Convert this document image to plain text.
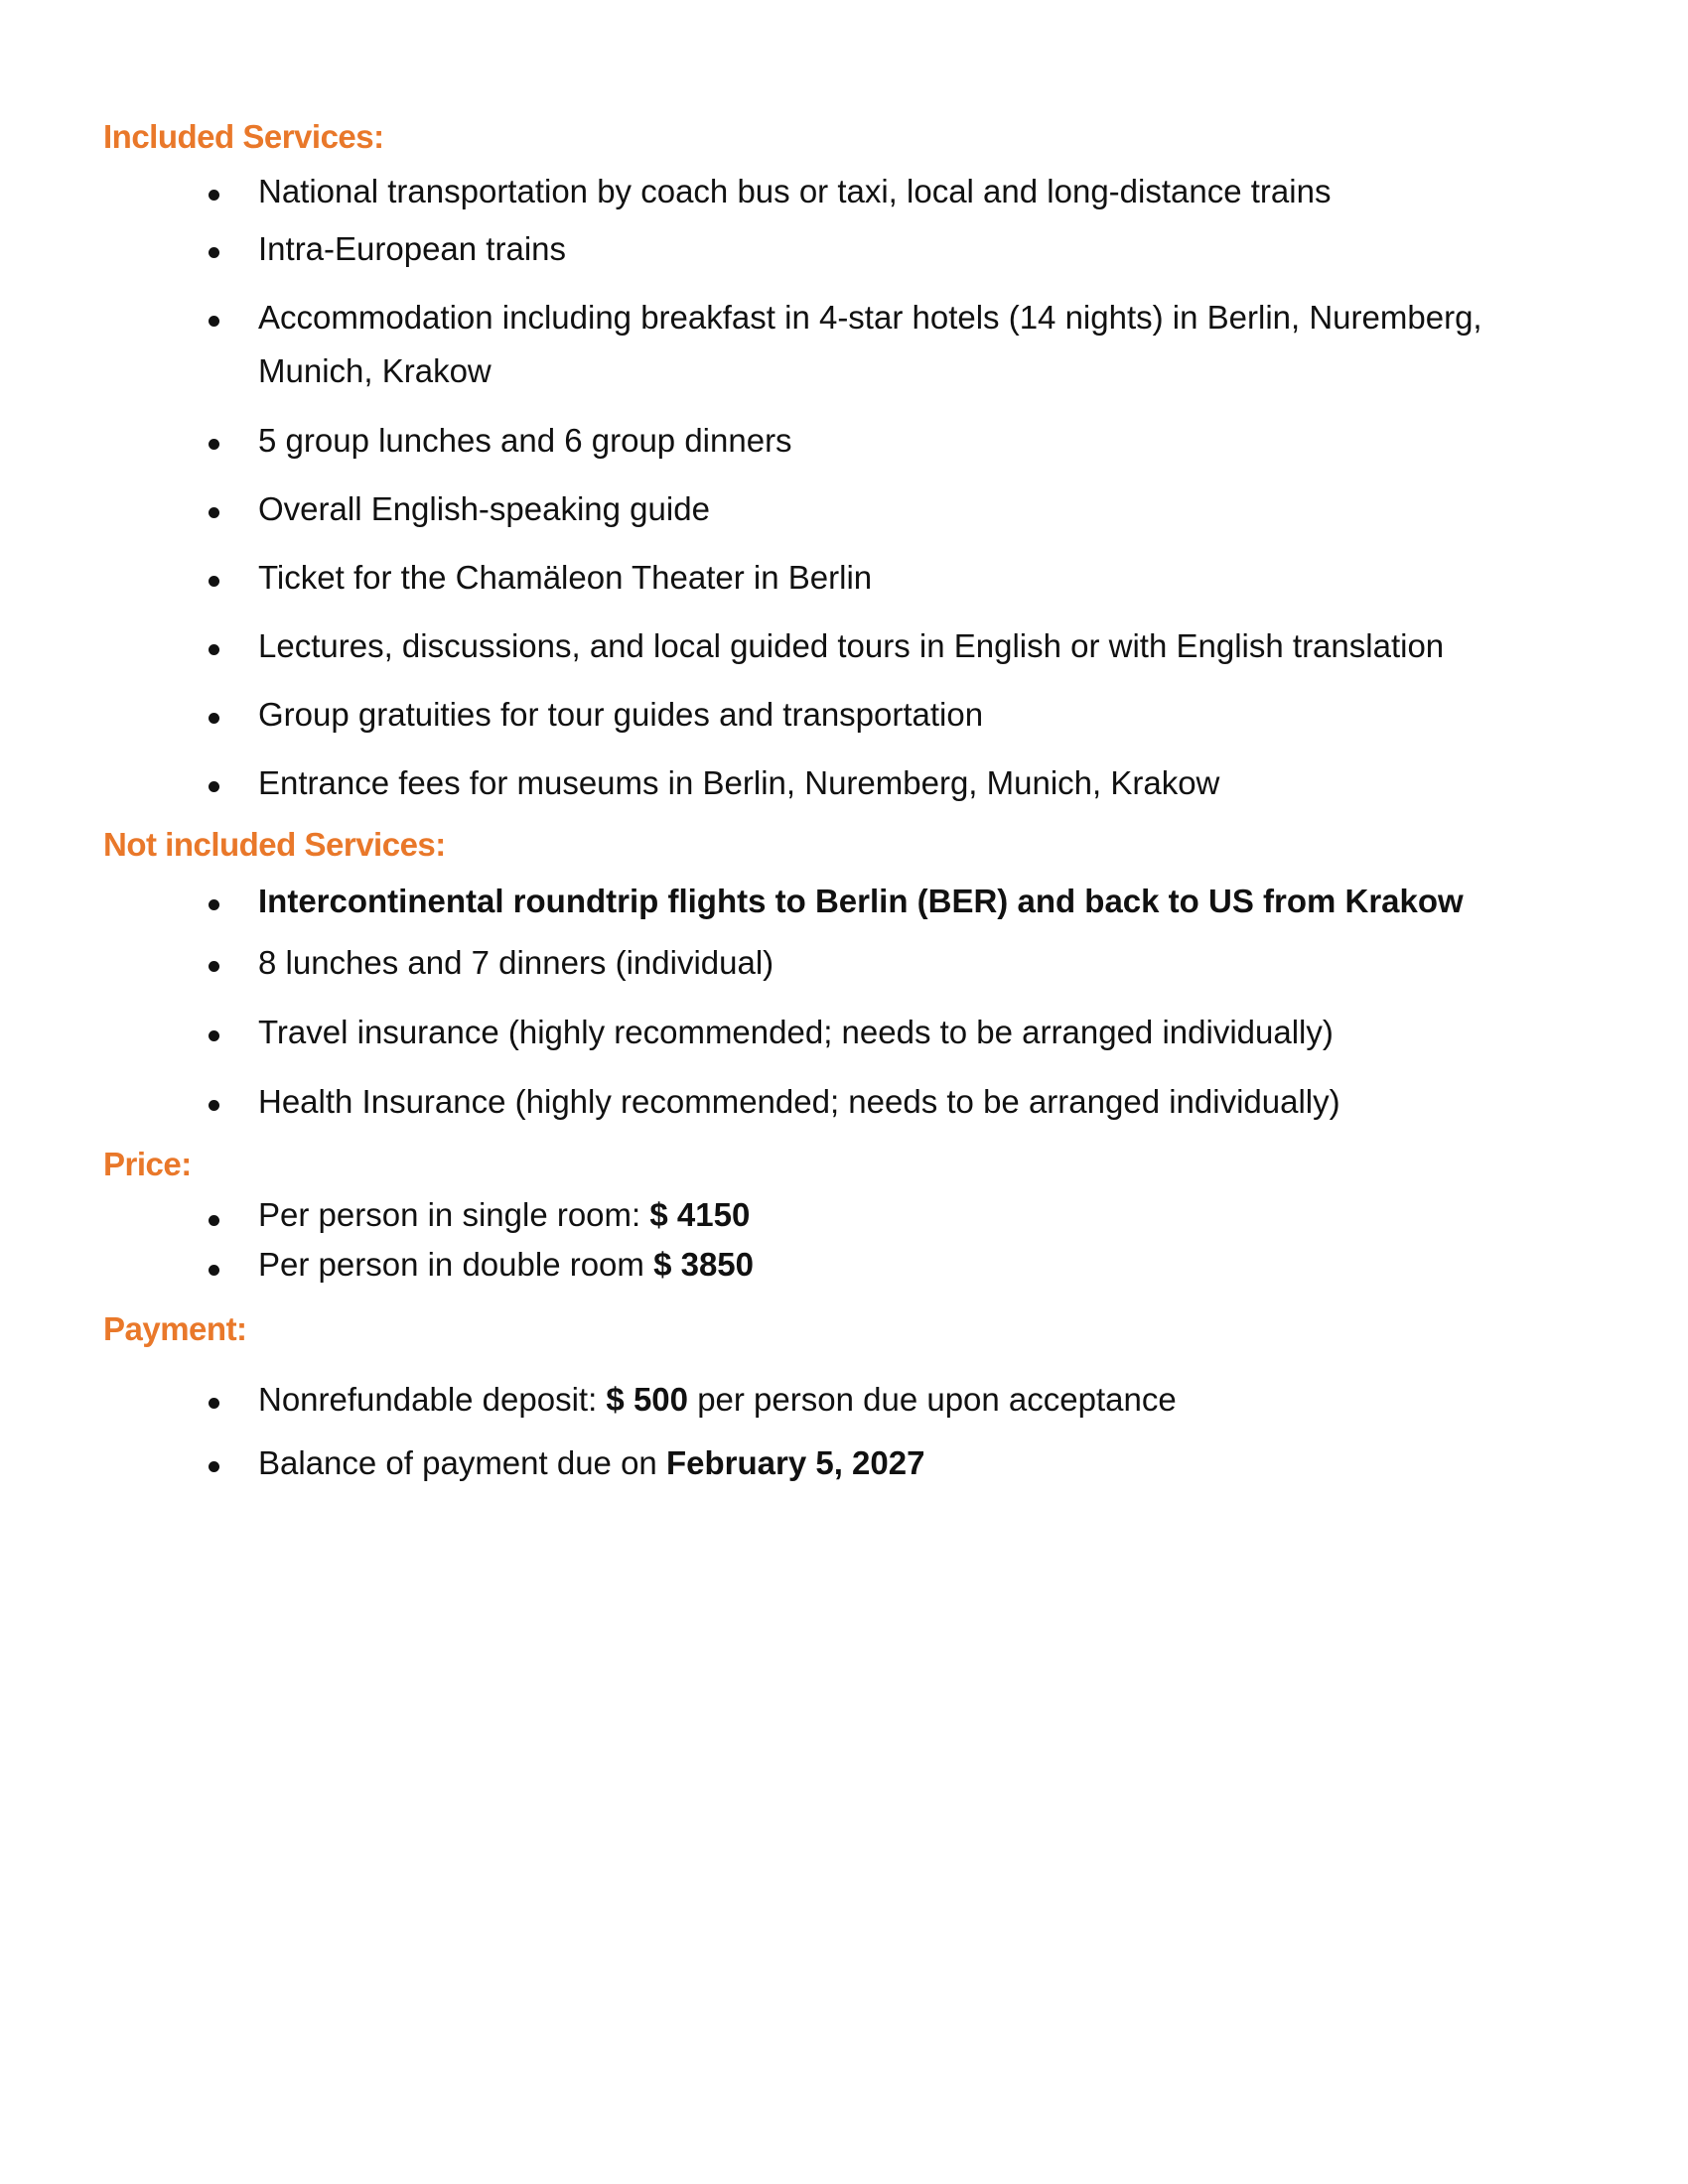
Included Services:
National transportation by coach bus or taxi, local and long-distance trains
Intra-European trains
Accommodation including breakfast in 4-star hotels (14 nights) in Berlin, Nuremberg, Munich, Krakow
5 group lunches and 6 group dinners
Overall English-speaking guide
Ticket for the Chamäleon Theater in Berlin
Lectures, discussions, and local guided tours in English or with English translation
Group gratuities for tour guides and transportation
Entrance fees for museums in Berlin, Nuremberg, Munich, Krakow
Not included Services:
Intercontinental roundtrip flights to Berlin (BER) and back to US from Krakow
8 lunches and 7 dinners (individual)
Travel insurance (highly recommended; needs to be arranged individually)
Health Insurance (highly recommended; needs to be arranged individually)
Price:
Per person in single room: $ 4150
Per person in double room $ 3850
Payment:
Nonrefundable deposit: $ 500 per person due upon acceptance
Balance of payment due on February 5, 2027
